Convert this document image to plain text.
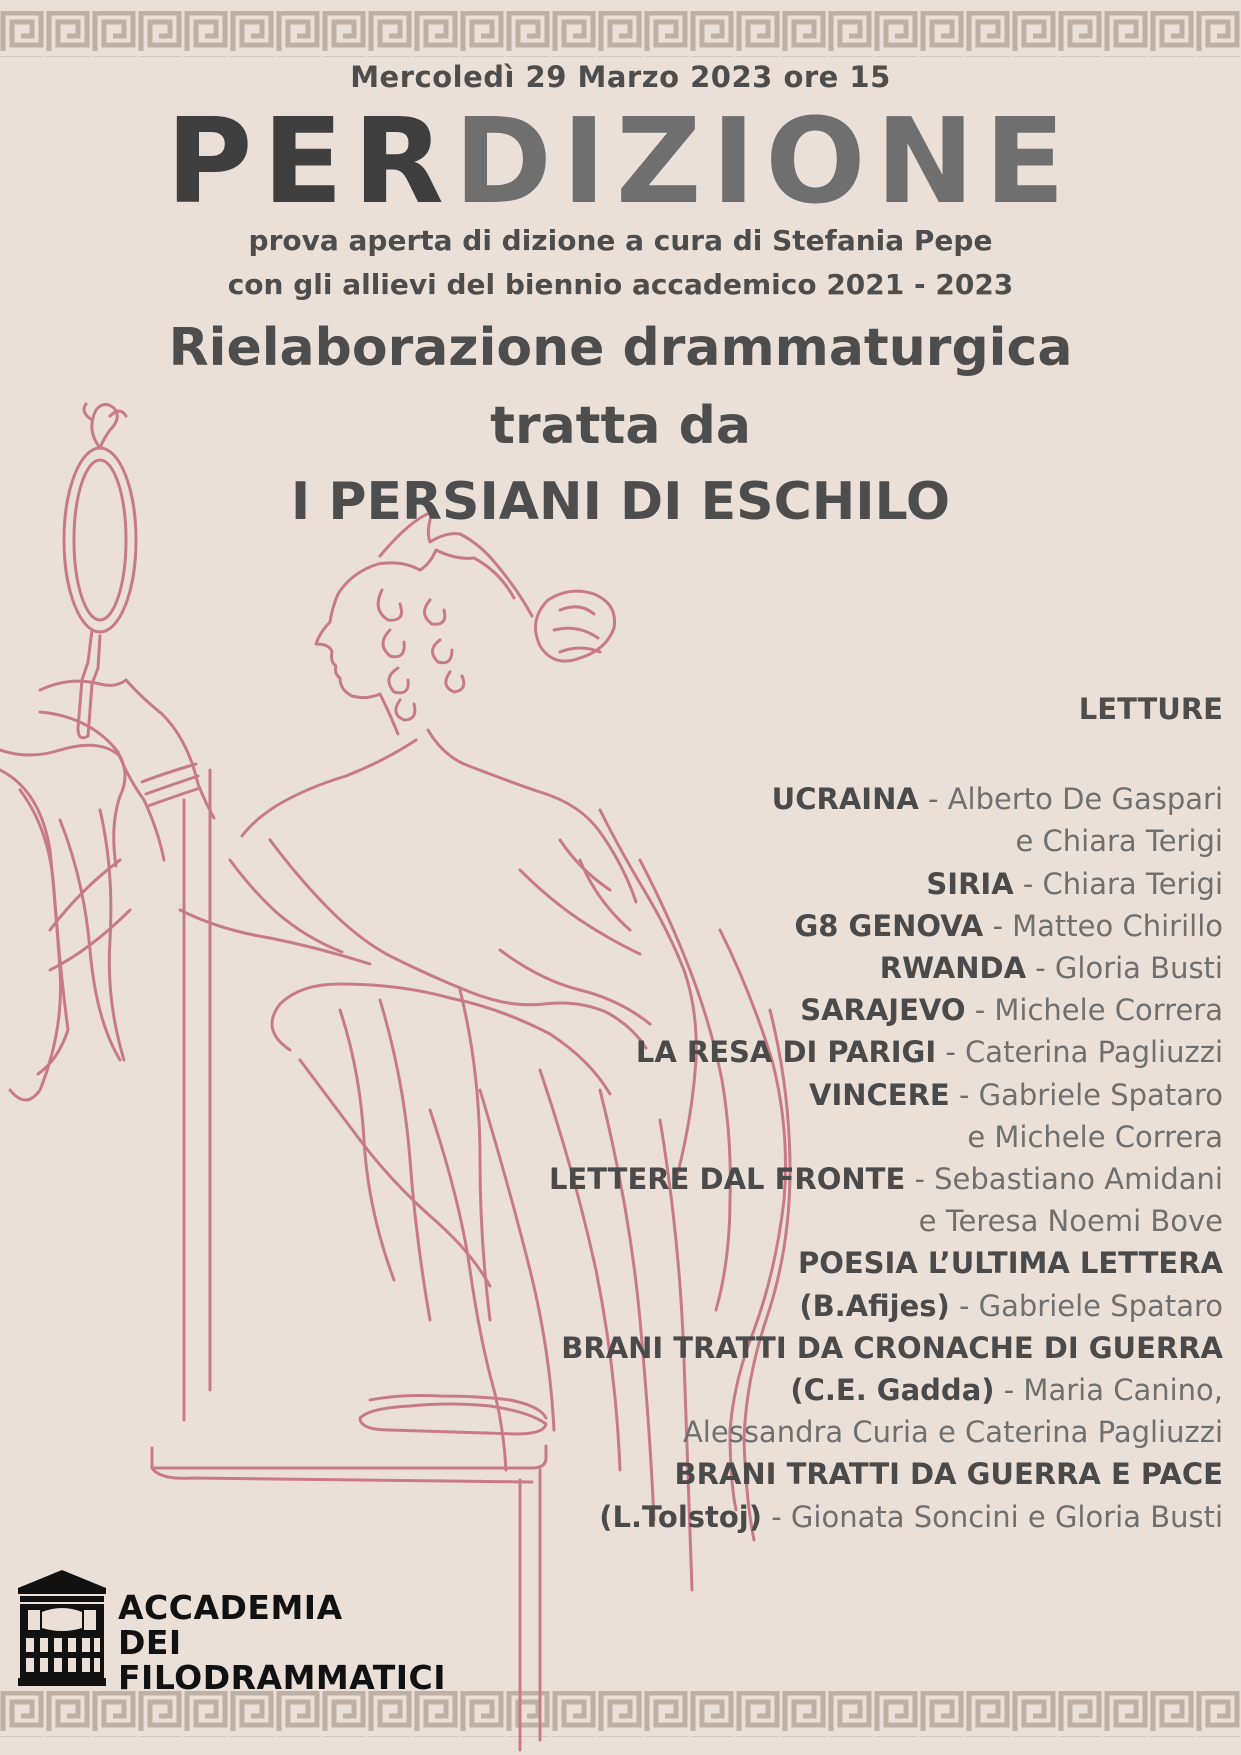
Mercoledì 29 Marzo 2023 ore 15
PERDIZIONE
prova aperta di dizione a cura di Stefania Pepe
con gli allievi del biennio accademico 2021 - 2023
Rielaborazione drammaturgica
tratta da
I PERSIANI DI ESCHILO
LETTURE
UCRAINA - Alberto De Gaspari
e Chiara Terigi
SIRIA - Chiara Terigi
G8 GENOVA - Matteo Chirillo
RWANDA - Gloria Busti
SARAJEVO - Michele Correra
LA RESA DI PARIGI - Caterina Pagliuzzi
VINCERE - Gabriele Spataro
e Michele Correra
LETTERE DAL FRONTE - Sebastiano Amidani
e Teresa Noemi Bove
POESIA L’ULTIMA LETTERA
(B.Afijes) - Gabriele Spataro
BRANI TRATTI DA CRONACHE DI GUERRA
(C.E. Gadda) - Maria Canino,
Alessandra Curia e Caterina Pagliuzzi
BRANI TRATTI DA GUERRA E PACE
(L.Tolstoj) - Gionata Soncini e Gloria Busti
ACCADEMIA
DEI
FILODRAMMATICI
